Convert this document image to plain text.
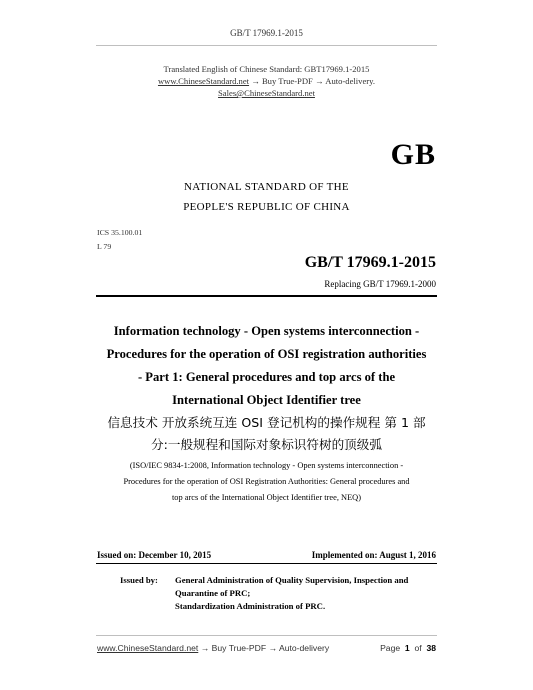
GB/T 17969.1-2015
Translated English of Chinese Standard: GBT17969.1-2015
www.ChineseStandard.net → Buy True-PDF → Auto-delivery.
Sales@ChineseStandard.net
GB
NATIONAL STANDARD OF THE
PEOPLE'S REPUBLIC OF CHINA
ICS 35.100.01
L 79
GB/T 17969.1-2015
Replacing GB/T 17969.1-2000
Information technology - Open systems interconnection -
Procedures for the operation of OSI registration authorities
- Part 1: General procedures and top arcs of the
International Object Identifier tree
信息技术 开放系统互连 OSI 登记机构的操作规程 第 1 部
分:一般规程和国际对象标识符树的顶级弧
(ISO/IEC 9834-1:2008, Information technology - Open systems interconnection -
Procedures for the operation of OSI Registration Authorities: General procedures and
top arcs of the International Object Identifier tree, NEQ)
Issued on: December 10, 2015	Implemented on: August 1, 2016
Issued by:	General Administration of Quality Supervision, Inspection and
Quarantine of PRC;
Standardization Administration of PRC.
www.ChineseStandard.net → Buy True-PDF → Auto-delivery	Page 1 of 38
